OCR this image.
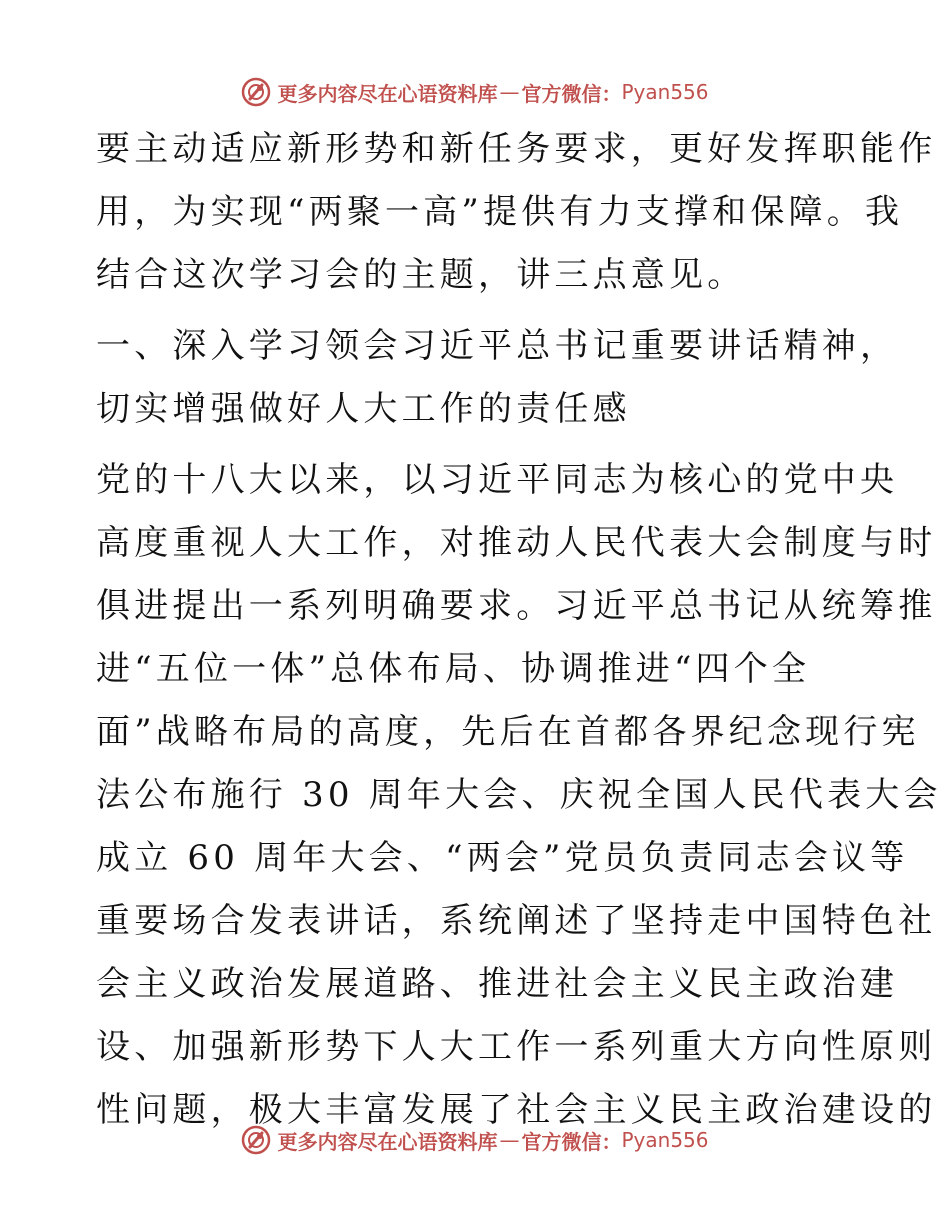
更多内容尽在心语资料库 — 官方微信： Pyan556
要主动适应新形势和新任务要求，更好发挥职能作
用，为实现“两聚一高”提供有力支撑和保障。我
结合这次学习会的主题，讲三点意见。
一、深入学习领会习近平总书记重要讲话精神，
切实增强做好人大工作的责任感
党的十八大以来，以习近平同志为核心的党中央
高度重视人大工作，对推动人民代表大会制度与时
俱进提出一系列明确要求。习近平总书记从统筹推
进“五位一体”总体布局、协调推进“四个全
面”战略布局的高度，先后在首都各界纪念现行宪
法公布施行 30 周年大会、庆祝全国人民代表大会
成立 60 周年大会、“两会”党员负责同志会议等
重要场合发表讲话，系统阐述了坚持走中国特色社
会主义政治发展道路、推进社会主义民主政治建
设、加强新形势下人大工作一系列重大方向性原则
性问题，极大丰富发展了社会主义民主政治建设的
更多内容尽在心语资料库 — 官方微信： Pyan556
